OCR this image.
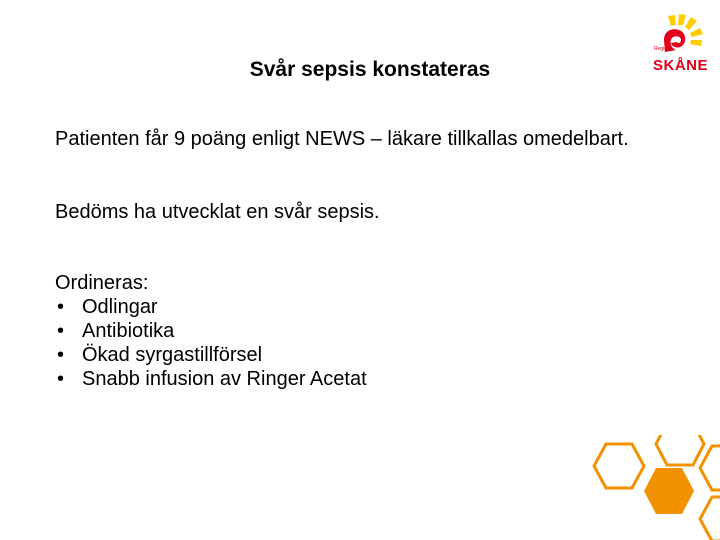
Svår sepsis konstateras
Region
SKÅNE

Patienten får 9 poäng enligt NEWS – läkare tillkallas omedelbart.

Bedöms ha utvecklat en svår sepsis.

Ordineras:

• Odlingar
• Antibiotika
• Ökad syrgastillförsel
• Snabb infusion av Ringer Acetat
